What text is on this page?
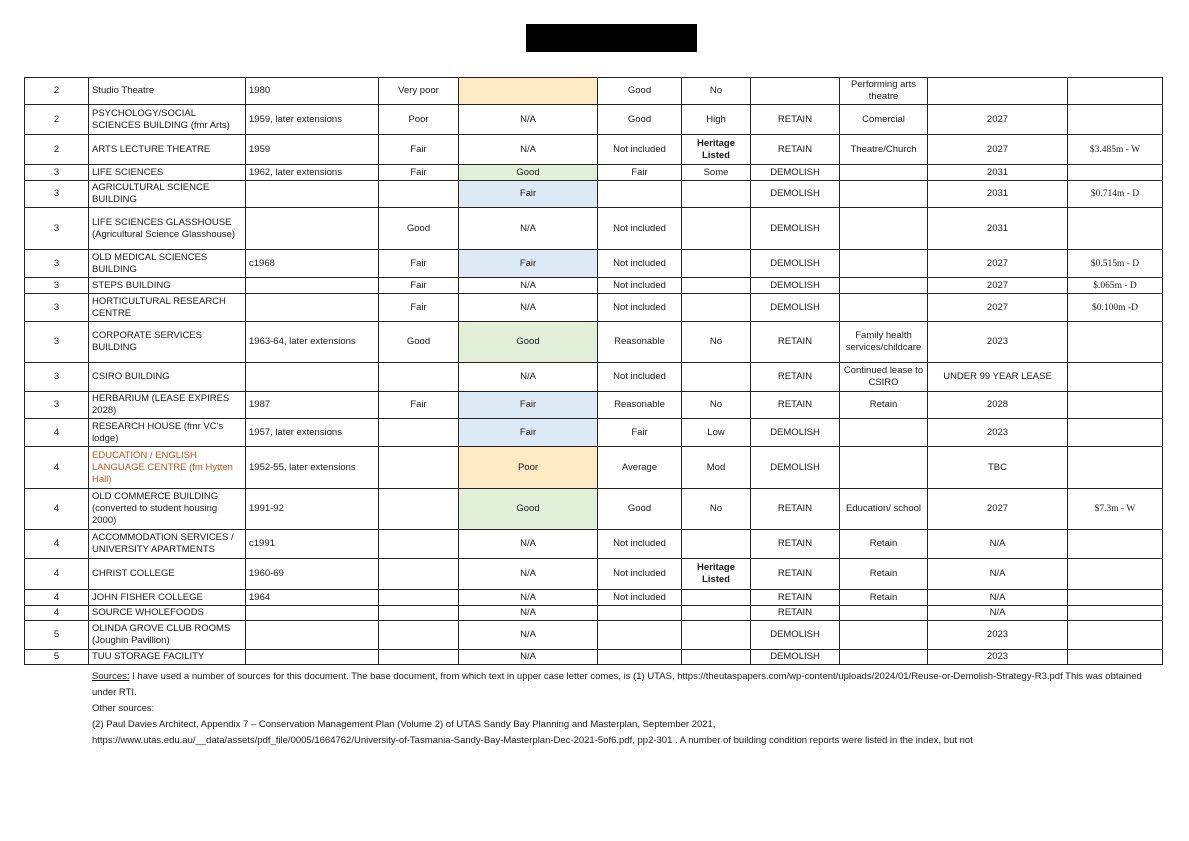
2	Studio Theatre	1980	Very poor		Good	No		Performing arts theatre		
2	PSYCHOLOGY/SOCIAL SCIENCES BUILDING (fmr Arts)	1959, later extensions	Poor	N/A	Good	High	RETAIN	Comercial	2027	
2	ARTS LECTURE THEATRE	1959	Fair	N/A	Not included	Heritage Listed	RETAIN	Theatre/Church	2027	$3.485m - W
3	LIFE SCIENCES	1962, later extensions	Fair	Good	Fair	Some	DEMOLISH		2031	
3	AGRICULTURAL SCIENCE BUILDING			Fair			DEMOLISH		2031	$0.714m - D
3	LIFE SCIENCES GLASSHOUSE (Agricultural Science Glasshouse)		Good	N/A	Not included		DEMOLISH		2031	
3	OLD MEDICAL SCIENCES BUILDING	c1968	Fair	Fair	Not included		DEMOLISH		2027	$0.515m - D
3	STEPS BUILDING		Fair	N/A	Not included		DEMOLISH		2027	$.065m - D
3	HORTICULTURAL RESEARCH CENTRE		Fair	N/A	Not included		DEMOLISH		2027	$0.100m -D
3	CORPORATE SERVICES BUILDING	1963-64, later extensions	Good	Good	Reasonable	No	RETAIN	Family health services/childcare	2023	
3	CSIRO BUILDING			N/A	Not included		RETAIN	Continued lease to CSIRO	UNDER 99 YEAR LEASE	
3	HERBARIUM (LEASE EXPIRES 2028)	1987	Fair	Fair	Reasonable	No	RETAIN	Retain	2028	
4	RESEARCH HOUSE (fmr VC's lodge)	1957, later extensions		Fair	Fair	Low	DEMOLISH		2023	
4	EDUCATION / ENGLISH LANGUAGE CENTRE (fm Hytten Hall)	1952-55, later extensions		Poor	Average	Mod	DEMOLISH		TBC	
4	OLD COMMERCE BUILDING (converted to student housing 2000)	1991-92		Good	Good	No	RETAIN	Education/ school	2027	$7.3m - W
4	ACCOMMODATION SERVICES / UNIVERSITY APARTMENTS	c1991		N/A	Not included		RETAIN	Retain	N/A	
4	CHRIST COLLEGE	1960-69		N/A	Not included	Heritage Listed	RETAIN	Retain	N/A	
4	JOHN FISHER COLLEGE	1964		N/A	Not included		RETAIN	Retain	N/A	
4	SOURCE WHOLEFOODS			N/A			RETAIN		N/A	
5	OLINDA GROVE CLUB ROOMS (Joughin Pavillion)			N/A			DEMOLISH		2023	
5	TUU STORAGE FACILITY			N/A			DEMOLISH		2023	

Sources: I have used a number of sources for this document. The base document, from which text in upper case letter comes, is (1) UTAS, https://theutaspapers.com/wp-content/uploads/2024/01/Reuse-or-Demolish-Strategy-R3.pdf This was obtained under RTI.

Other sources:

(2) Paul Davies Architect, Appendix 7 – Conservation Management Plan (Volume 2) of UTAS Sandy Bay Planning and Masterplan, September 2021,

https://www.utas.edu.au/__data/assets/pdf_file/0005/1664762/University-of-Tasmania-Sandy-Bay-Masterplan-Dec-2021-5of6.pdf, pp2-301 . A number of building condition reports were listed in the index, but not
